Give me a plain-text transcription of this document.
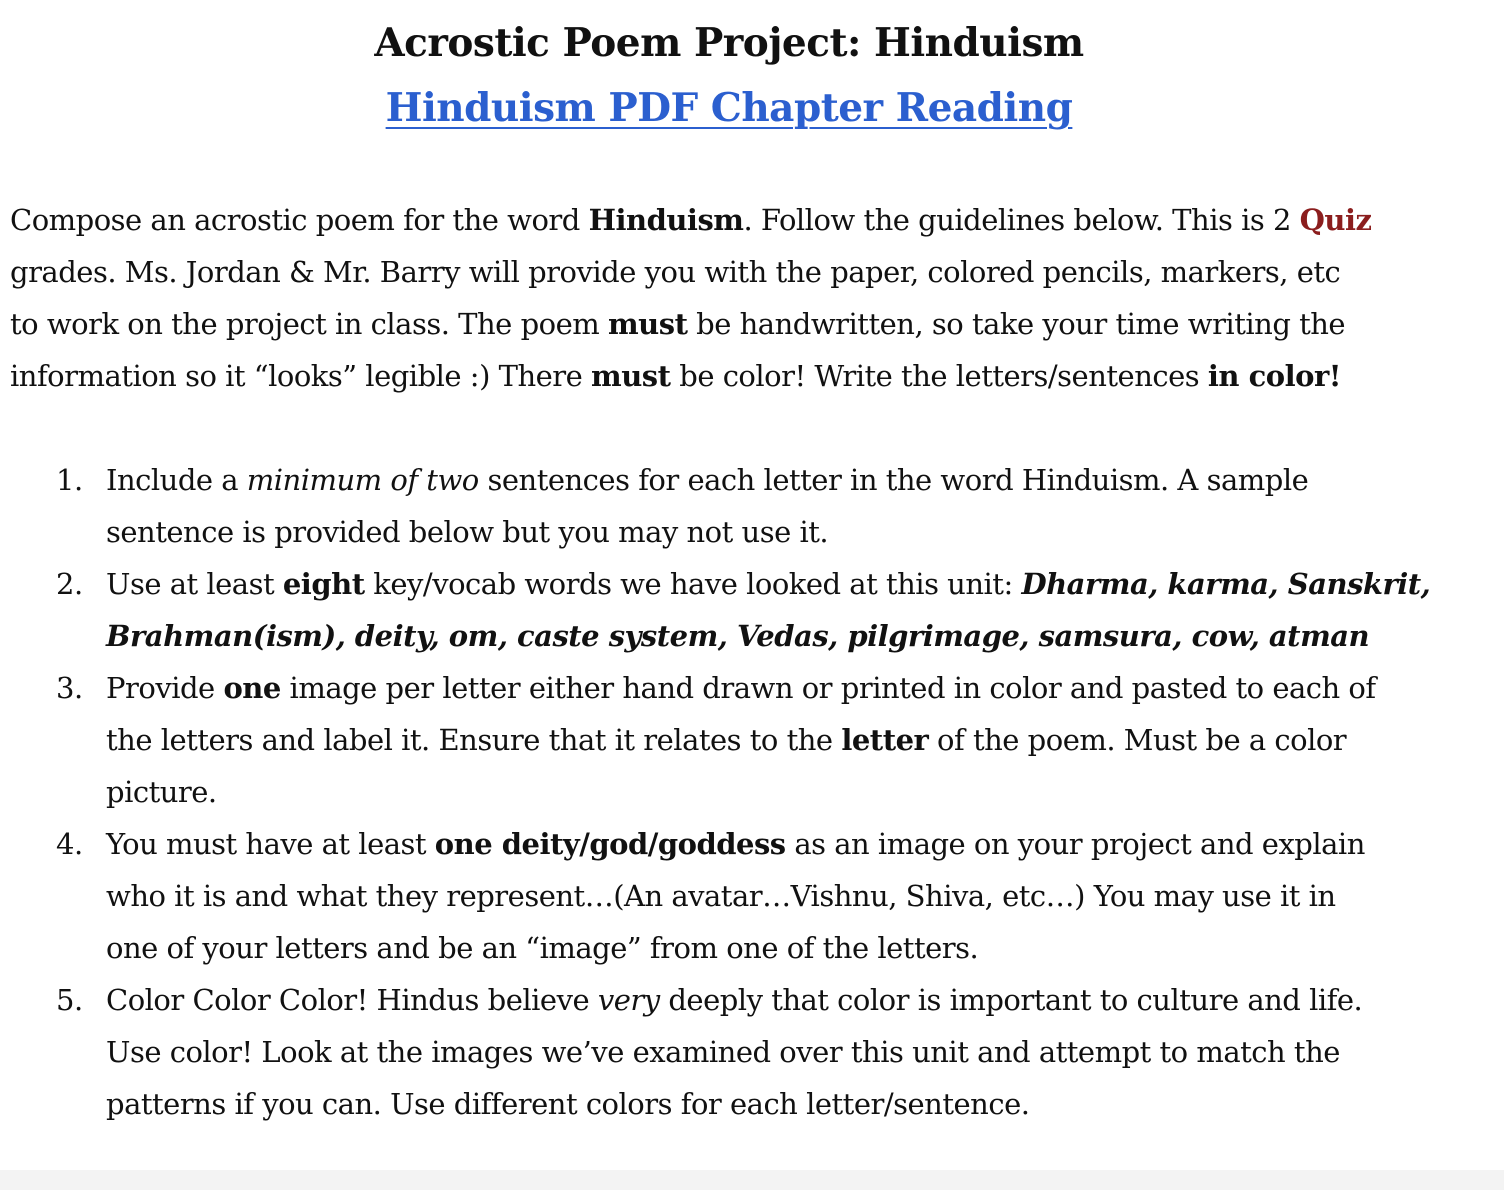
Acrostic Poem Project: Hinduism
Hinduism PDF Chapter Reading
Compose an acrostic poem for the word Hinduism. Follow the guidelines below. This is 2 Quiz
grades. Ms. Jordan & Mr. Barry will provide you with the paper, colored pencils, markers, etc
to work on the project in class. The poem must be handwritten, so take your time writing the
information so it “looks” legible :) There must be color! Write the letters/sentences in color!
1. Include a minimum of two sentences for each letter in the word Hinduism. A sample
sentence is provided below but you may not use it.
2. Use at least eight key/vocab words we have looked at this unit: Dharma, karma, Sanskrit,
Brahman(ism), deity, om, caste system, Vedas, pilgrimage, samsura, cow, atman
3. Provide one image per letter either hand drawn or printed in color and pasted to each of
the letters and label it. Ensure that it relates to the letter of the poem. Must be a color
picture.
4. You must have at least one deity/god/goddess as an image on your project and explain
who it is and what they represent…(An avatar…Vishnu, Shiva, etc…) You may use it in
one of your letters and be an “image” from one of the letters.
5. Color Color Color! Hindus believe very deeply that color is important to culture and life.
Use color! Look at the images we’ve examined over this unit and attempt to match the
patterns if you can. Use different colors for each letter/sentence.
